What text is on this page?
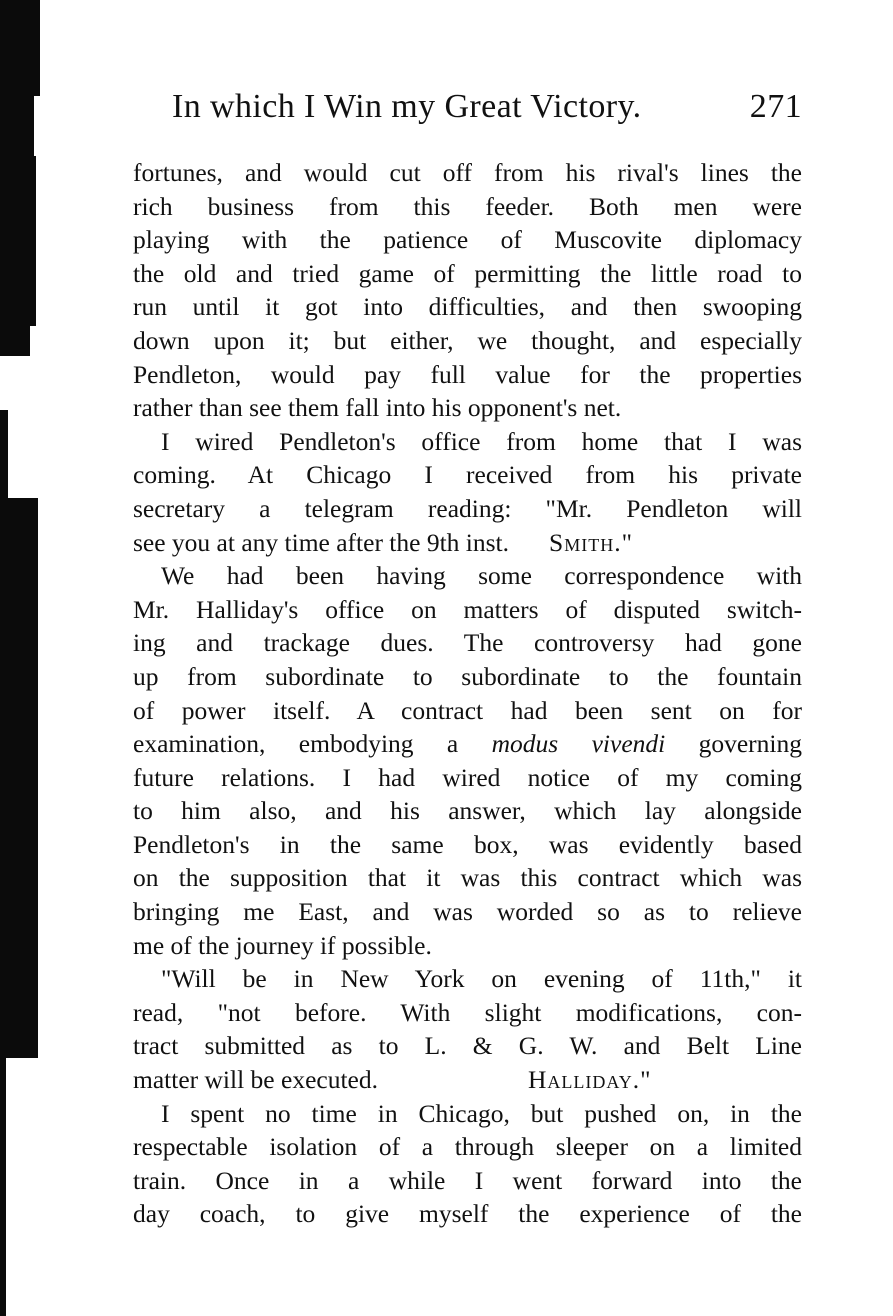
In which I Win my Great Victory.	271
fortunes, and would cut off from his rival's lines the
rich business from this feeder. Both men were
playing with the patience of Muscovite diplomacy
the old and tried game of permitting the little road to
run until it got into difficulties, and then swooping
down upon it; but either, we thought, and especially
Pendleton, would pay full value for the properties
rather than see them fall into his opponent's net.
I wired Pendleton's office from home that I was
coming. At Chicago I received from his private
secretary a telegram reading: "Mr. Pendleton will
see you at any time after the 9th inst. Smith."
We had been having some correspondence with
Mr. Halliday's office on matters of disputed switch-
ing and trackage dues. The controversy had gone
up from subordinate to subordinate to the fountain
of power itself. A contract had been sent on for
examination, embodying a modus vivendi governing
future relations. I had wired notice of my coming
to him also, and his answer, which lay alongside
Pendleton's in the same box, was evidently based
on the supposition that it was this contract which was
bringing me East, and was worded so as to relieve
me of the journey if possible.
"Will be in New York on evening of 11th," it
read, "not before. With slight modifications, con-
tract submitted as to L. & G. W. and Belt Line
matter will be executed.	Halliday."
I spent no time in Chicago, but pushed on, in the
respectable isolation of a through sleeper on a limited
train. Once in a while I went forward into the
day coach, to give myself the experience of the
